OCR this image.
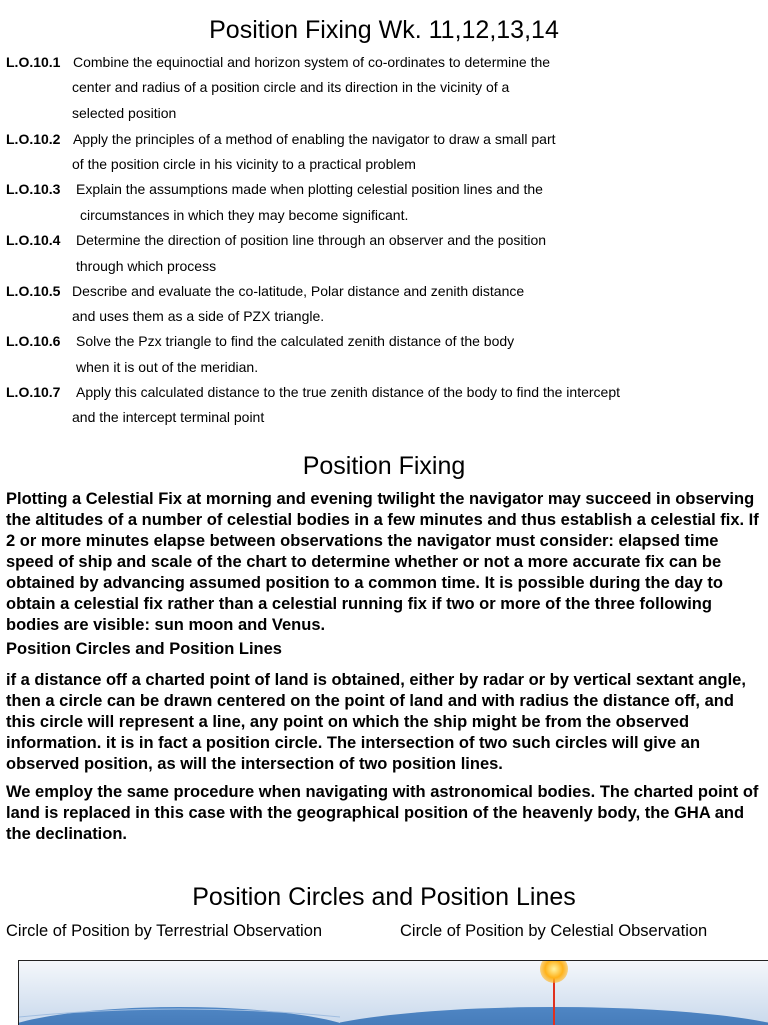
Position Fixing Wk. 11,12,13,14
L.O.10.1 Combine the equinoctial and horizon system of co-ordinates to determine the
center and radius of a position circle and its direction in the vicinity of a
selected position
L.O.10.2 Apply the principles of a method of enabling the navigator to draw a small part
of the position circle in his vicinity to a practical problem
L.O.10.3 Explain the assumptions made when plotting celestial position lines and the
circumstances in which they may become significant.
L.O.10.4 Determine the direction of position line through an observer and the position
through which process
L.O.10.5 Describe and evaluate the co-latitude, Polar distance and zenith distance
and uses them as a side of PZX triangle.
L.O.10.6 Solve the Pzx triangle to find the calculated zenith distance of the body
when it is out of the meridian.
L.O.10.7 Apply this calculated distance to the true zenith distance of the body to find the intercept
and the intercept terminal point
Position Fixing
Plotting a Celestial Fix at morning and evening twilight the navigator may succeed in observing the altitudes of a number of celestial bodies in a few minutes and thus establish a celestial fix. If 2 or more minutes elapse between observations the navigator must consider: elapsed time speed of ship and scale of the chart to determine whether or not a more accurate fix can be obtained by advancing assumed position to a common time. It is possible during the day to obtain a celestial fix rather than a celestial running fix if two or more of the three following bodies are visible: sun moon and Venus.
Position Circles and Position Lines
if a distance off a charted point of land is obtained, either by radar or by vertical sextant angle, then a circle can be drawn centered on the point of land and with radius the distance off, and this circle will represent a line, any point on which the ship might be from the observed information. it is in fact a position circle. The intersection of two such circles will give an observed position, as will the intersection of two position lines.
We employ the same procedure when navigating with astronomical bodies. The charted point of land is replaced in this case with the geographical position of the heavenly body, the GHA and the declination.
Position Circles and Position Lines
Circle of Position by Terrestrial Observation	Circle of Position by Celestial Observation
